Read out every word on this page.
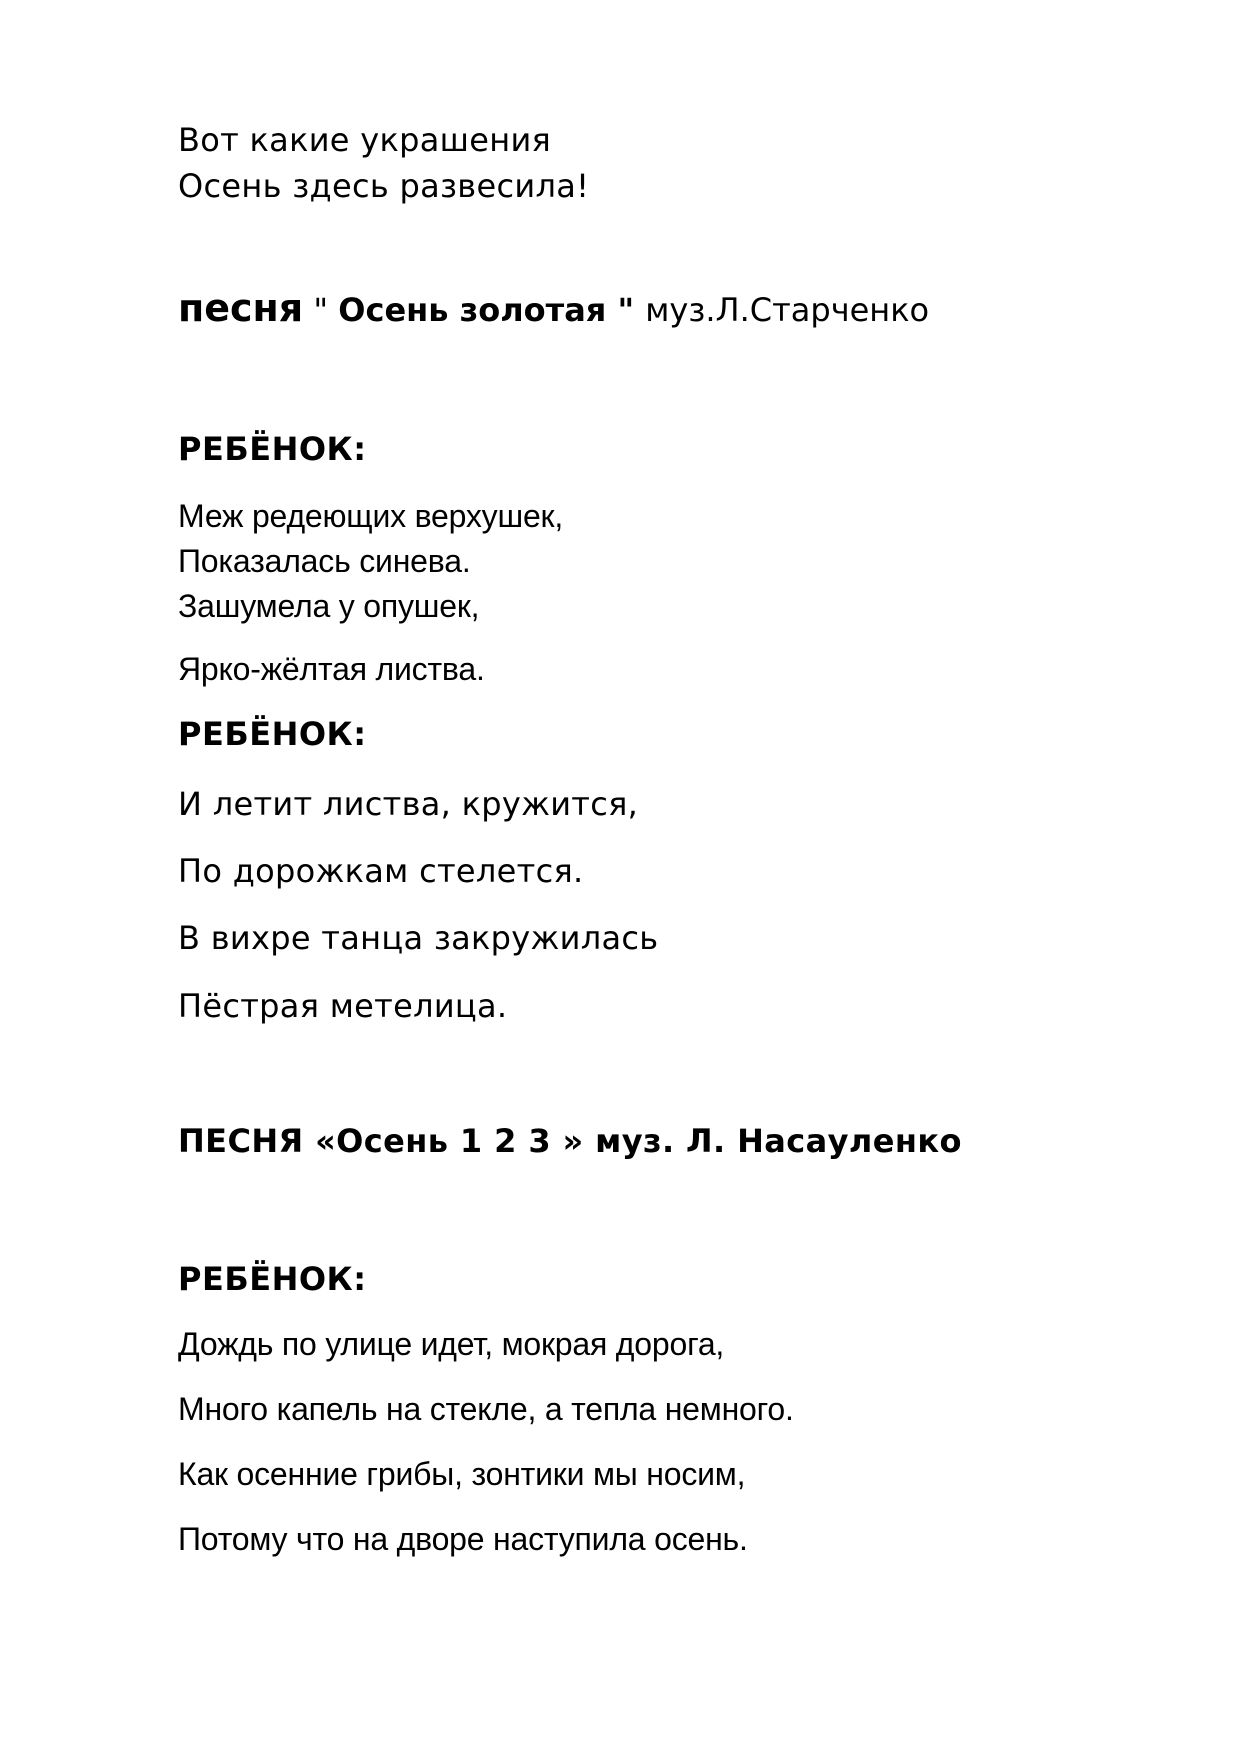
Вот какие украшения
Осень здесь развесила!
песня " Осень золотая " муз.Л.Старченко
РЕБЁНОК:
Меж редеющих верхушек,
Показалась синева.
Зашумела у опушек,
Ярко-жёлтая листва.
РЕБЁНОК:
И летит листва, кружится,
По дорожкам стелется.
В вихре танца закружилась
Пёстрая метелица.
ПЕСНЯ «Осень 1 2 3 » муз. Л. Насауленко
РЕБЁНОК:
Дождь по улице идет, мокрая дорога,
Много капель на стекле, а тепла немного.
Как осенние грибы, зонтики мы носим,
Потому что на дворе наступила осень.
